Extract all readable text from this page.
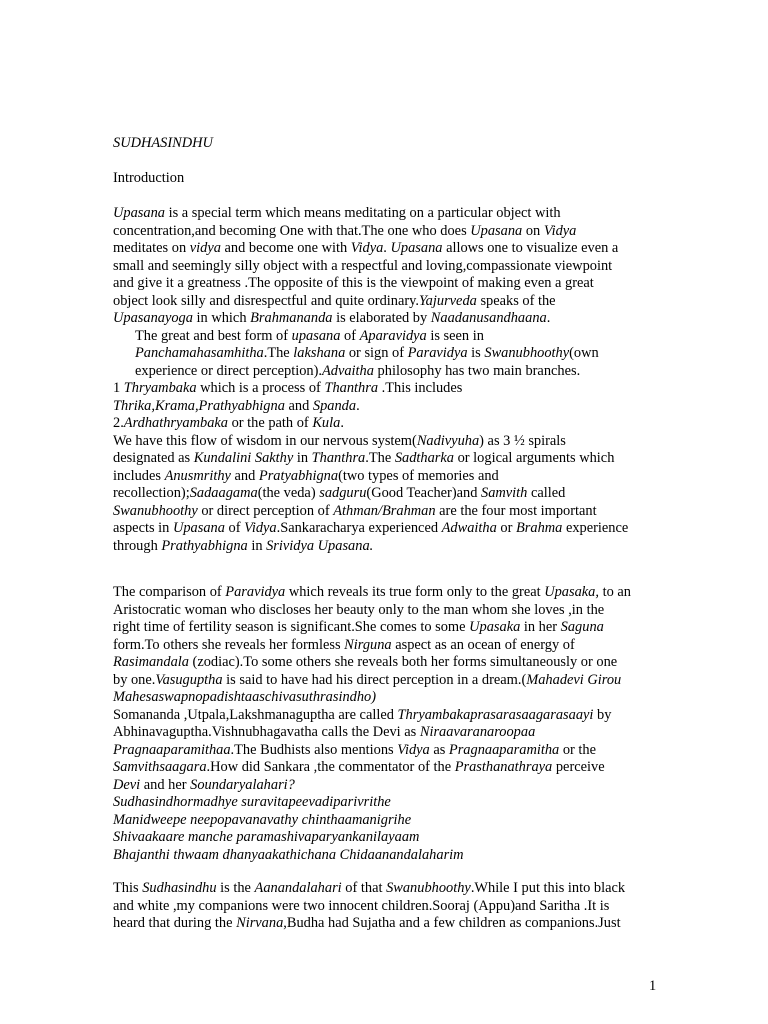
SUDHASINDHU
Introduction
Upasana is a special term which means meditating on a particular object with
concentration,and becoming One with that.The one who does Upasana on Vidya
meditates on vidya and become one with Vidya. Upasana allows one to visualize even a
small and seemingly silly object with a respectful and loving,compassionate viewpoint
and give it a greatness .The opposite of this is the viewpoint of making even a great
object look silly and disrespectful and quite ordinary.Yajurveda speaks of the
Upasanayoga in which Brahmananda is elaborated by Naadanusandhaana.
The great and best form of upasana of Aparavidya is seen in
Panchamahasamhitha.The lakshana or sign of Paravidya is Swanubhoothy(own
experience or direct perception).Advaitha philosophy has two main branches.
1 Thryambaka which is a process of Thanthra .This includes
Thrika,Krama,Prathyabhigna and Spanda.
2.Ardhathryambaka or the path of Kula.
We have this flow of wisdom in our nervous system(Nadivyuha) as 3 ½ spirals
designated as Kundalini Sakthy in Thanthra.The Sadtharka or logical arguments which
includes Anusmrithy and Pratyabhigna(two types of memories and
recollection);Sadaagama(the veda) sadguru(Good Teacher)and Samvith called
Swanubhoothy or direct perception of Athman/Brahman are the four most important
aspects in Upasana of Vidya.Sankaracharya experienced Adwaitha or Brahma experience
through Prathyabhigna in Srividya Upasana.
The comparison of Paravidya which reveals its true form only to the great Upasaka, to an
Aristocratic woman who discloses her beauty only to the man whom she loves ,in the
right time of fertility season is significant.She comes to some Upasaka in her Saguna
form.To others she reveals her formless Nirguna aspect as an ocean of energy of
Rasimandala (zodiac).To some others she reveals both her forms simultaneously or one
by one.Vasuguptha is said to have had his direct perception in a dream.(Mahadevi Girou
Mahesaswapnopadishtaaschivasuthrasindho)
Somananda ,Utpala,Lakshmanaguptha are called Thryambakaprasarasaagarasaayi by
Abhinavaguptha.Vishnubhagavatha calls the Devi as Niraavaranaroopaa
Pragnaaparamithaa.The Budhists also mentions Vidya as Pragnaaparamitha or the
Samvithsaagara.How did Sankara ,the commentator of the Prasthanathraya perceive
Devi and her Soundaryalahari?
Sudhasindhormadhye suravitapeevadiparivrithe
Manidweepe neepopavanavathy chinthaamanigrihe
Shivaakaare manche paramashivaparyankanilayaam
Bhajanthi thwaam dhanyaakathichana Chidaanandalaharim
This Sudhasindhu is the Aanandalahari of that Swanubhoothy.While I put this into black
and white ,my companions were two innocent children.Sooraj (Appu)and Saritha .It is
heard that during the Nirvana,Budha had Sujatha and a few children as companions.Just
1
